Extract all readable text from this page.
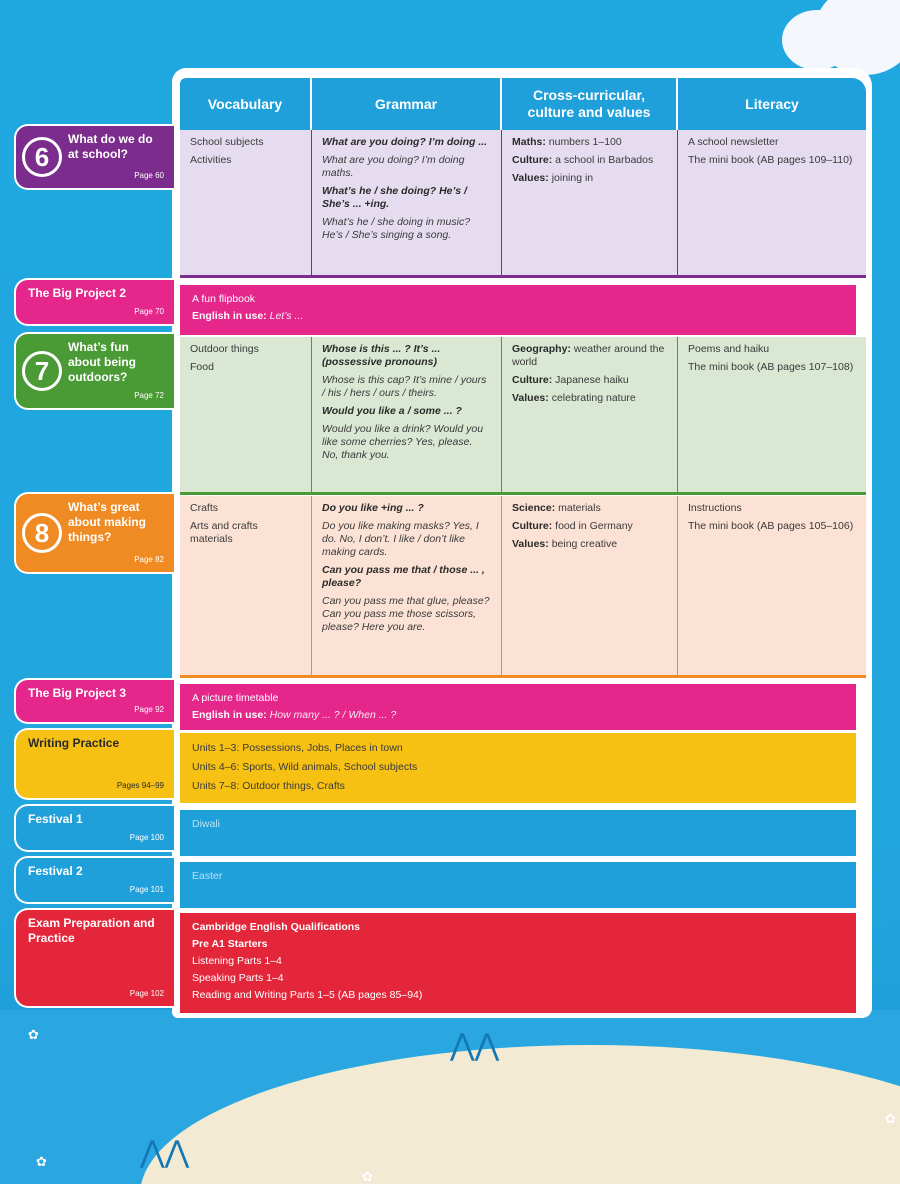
⋀⋀
⋀⋀
✿
✿
✿
✿
Vocabulary	Grammar
Cross-curricular, culture and values
Literacy
6
What do we do at school?
Page 60

School subjects

Activities

What are you doing? I’m doing ...

What are you doing? I’m doing maths.

What’s he / she doing? He’s / She’s ... +ing.

What’s he / she doing in music? He’s / She’s singing a song.

Maths: numbers 1–100

Culture: a school in Barbados

Values: joining in

A school newsletter

The mini book (AB pages 109–110)

The Big Project 2
Page 70
A fun flipbook
English in use: Let’s ...
7
What’s fun about being outdoors?
Page 72

Outdoor things

Food

Whose is this ... ? It’s ... (possessive pronouns)

Whose is this cap? It’s mine / yours / his / hers / ours / theirs.

Would you like a / some ... ?

Would you like a drink? Would you like some cherries? Yes, please. No, thank you.

Geography: weather around the world

Culture: Japanese haiku

Values: celebrating nature

Poems and haiku

The mini book (AB pages 107–108)

8
What’s great about making things?
Page 82

Crafts

Arts and crafts materials

Do you like +ing ... ?

Do you like making masks? Yes, I do. No, I don’t. I like / don’t like making cards.

Can you pass me that / those ... , please?

Can you pass me that glue, please? Can you pass me those scissors, please? Here you are.

Science: materials

Culture: food in Germany

Values: being creative

Instructions

The mini book (AB pages 105–106)

The Big Project 3
Page 92
A picture timetable
English in use: How many ... ? / When ... ?
Writing Practice
Pages 94–99
Units 1–3: Possessions, Jobs, Places in town
Units 4–6: Sports, Wild animals, School subjects
Units 7–8: Outdoor things, Crafts
Festival 1
Page 100
Diwali
Festival 2
Page 101
Easter
Exam Preparation and Practice
Page 102
Cambridge English Qualifications
Pre A1 Starters
Listening Parts 1–4
Speaking Parts 1–4
Reading and Writing Parts 1–5 (AB pages 85–94)
